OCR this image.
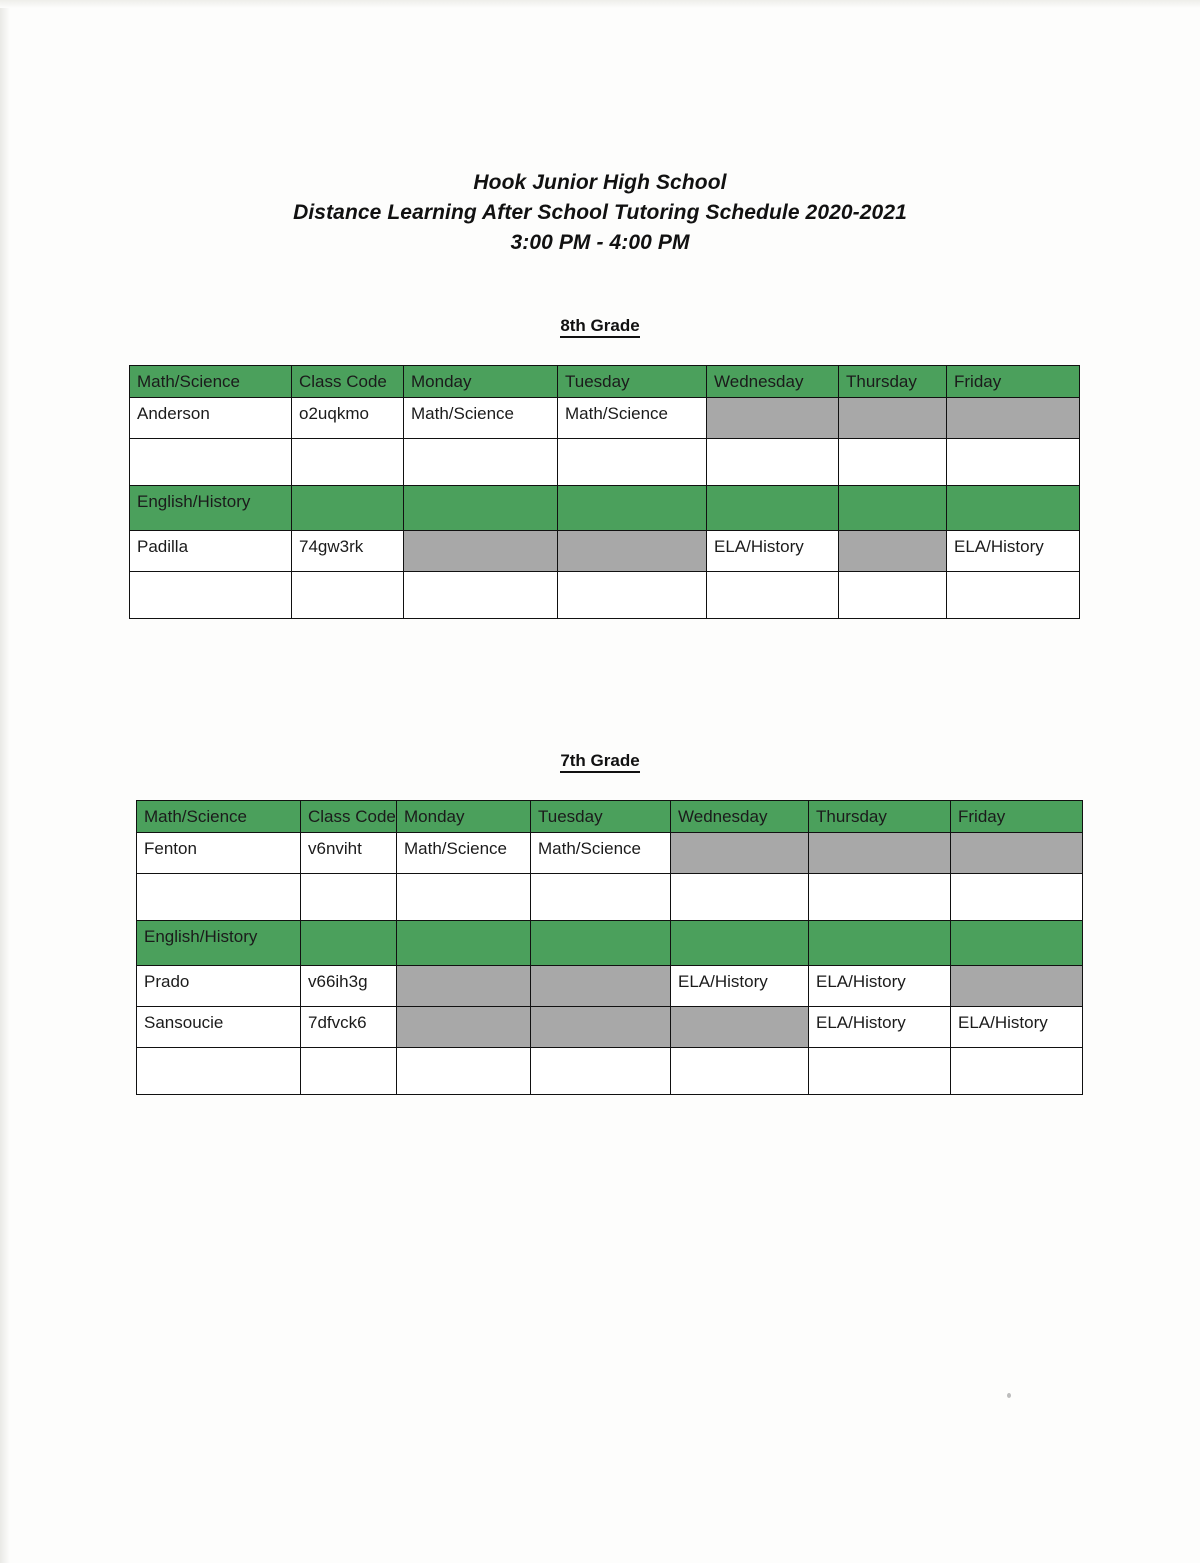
Hook Junior High School
Distance Learning After School Tutoring Schedule 2020-2021
3:00 PM - 4:00 PM
8th Grade
Math/Science	Class Code	Monday	Tuesday	Wednesday	Thursday	Friday
Anderson	o2uqkmo	Math/Science	Math/Science			

English/History						
Padilla	74gw3rk			ELA/History		ELA/History

7th Grade
Math/Science	Class Code	Monday	Tuesday	Wednesday	Thursday	Friday
Fenton	v6nviht	Math/Science	Math/Science			

English/History						
Prado	v66ih3g			ELA/History	ELA/History	
Sansoucie	7dfvck6				ELA/History	ELA/History
